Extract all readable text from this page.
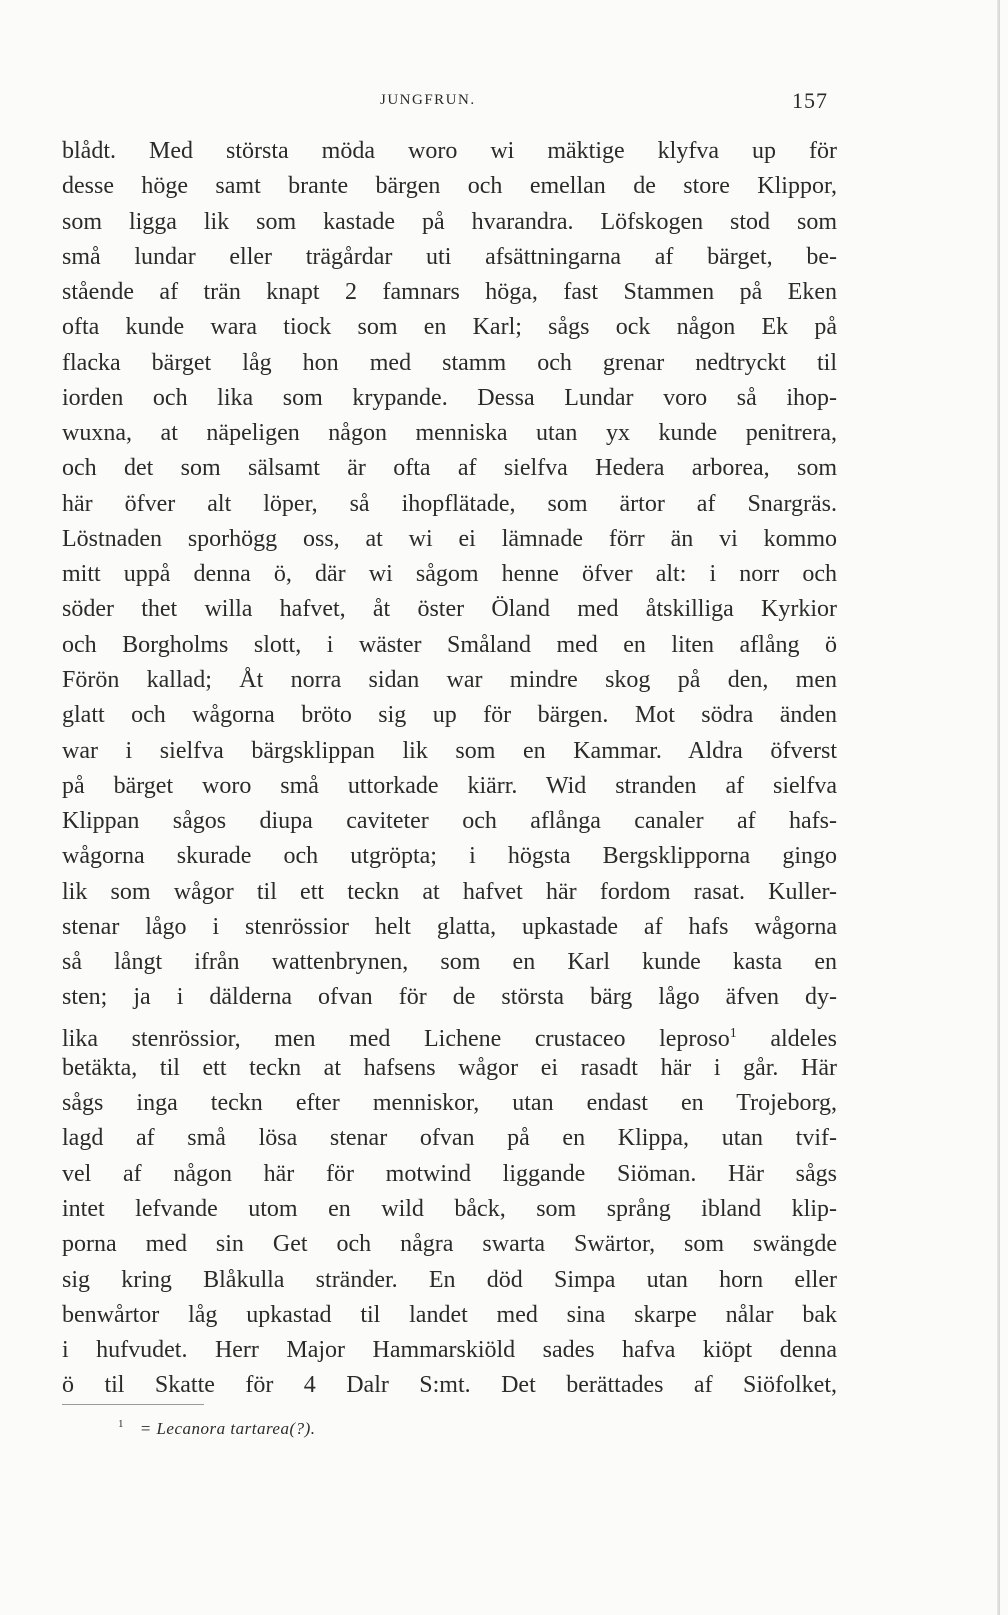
JUNGFRUN.	157
blådt. Med största möda woro wi mäktige klyfva up för
desse höge samt brante bärgen och emellan de store Klippor,
som ligga lik som kastade på hvarandra. Löfskogen stod som
små lundar eller trägårdar uti afsättningarna af bärget, be-
stående af trän knapt 2 famnars höga, fast Stammen på Eken
ofta kunde wara tiock som en Karl; sågs ock någon Ek på
flacka bärget låg hon med stamm och grenar nedtryckt til
iorden och lika som krypande. Dessa Lundar voro så ihop-
wuxna, at näpeligen någon menniska utan yx kunde penitrera,
och det som sälsamt är ofta af sielfva Hedera arborea, som
här öfver alt löper, så ihopflätade, som ärtor af Snargräs.
Löstnaden sporhögg oss, at wi ei lämnade förr än vi kommo
mitt uppå denna ö, där wi sågom henne öfver alt: i norr och
söder thet willa hafvet, åt öster Öland med åtskilliga Kyrkior
och Borgholms slott, i wäster Småland med en liten aflång ö
Förön kallad; Åt norra sidan war mindre skog på den, men
glatt och wågorna bröto sig up för bärgen. Mot södra änden
war i sielfva bärgsklippan lik som en Kammar. Aldra öfverst
på bärget woro små uttorkade kiärr. Wid stranden af sielfva
Klippan sågos diupa caviteter och aflånga canaler af hafs-
wågorna skurade och utgröpta; i högsta Bergsklipporna gingo
lik som wågor til ett teckn at hafvet här fordom rasat. Kuller-
stenar lågo i stenrössior helt glatta, upkastade af hafs wågorna
så långt ifrån wattenbrynen, som en Karl kunde kasta en
sten; ja i dälderna ofvan för de största bärg lågo äfven dy-
lika stenrössior, men med Lichene crustaceo leproso$^1$ aldeles
betäkta, til ett teckn at hafsens wågor ei rasadt här i går. Här
sågs inga teckn efter menniskor, utan endast en Trojeborg,
lagd af små lösa stenar ofvan på en Klippa, utan tvif-
vel af någon här för motwind liggande Siöman. Här sågs
intet lefvande utom en wild båck, som språng ibland klip-
porna med sin Get och några swarta Swärtor, som swängde
sig kring Blåkulla stränder. En död Simpa utan horn eller
benwårtor låg upkastad til landet med sina skarpe nålar bak
i hufvudet. Herr Major Hammarskiöld sades hafva kiöpt denna
ö til Skatte för 4 Dalr S:mt. Det berättades af Siöfolket,
$^1$ = Lecanora tartarea(?).
